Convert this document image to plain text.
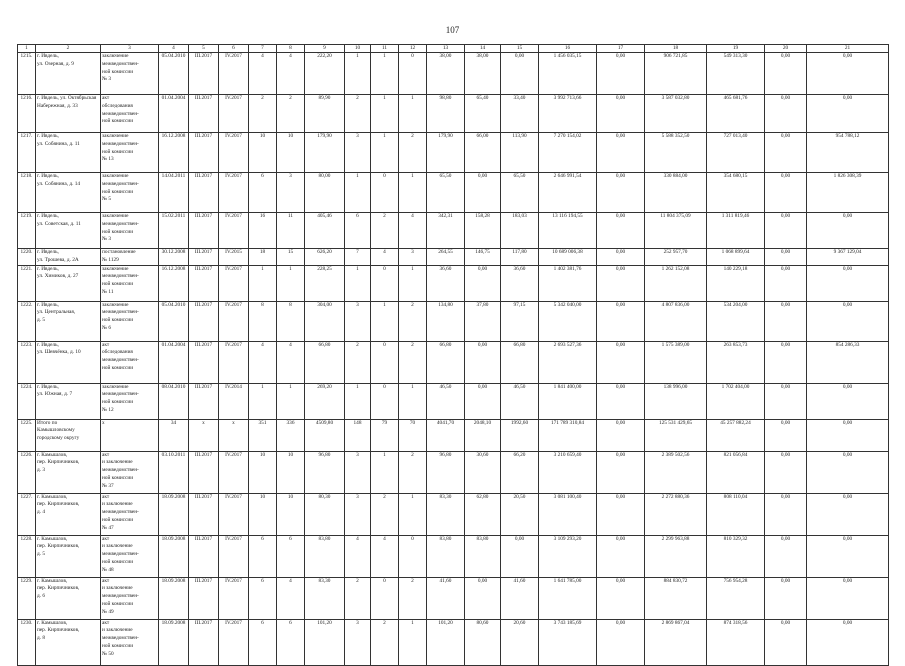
107
1	2	3	4	5	6	7	8	9	10	11	12	13	14	15	16	17	18	19	20	21
1215.	г. Ивдель,
ул. Озерная, д. 9	заключение
межведомствен-
ной комиссии
№ 3	05.04.2010	III.2017	IV.2017	4	4	222,20	1	1	0	38,00	38,00	0,00	1 456 035,15	0,00	906 721,85	549 313,30	0,00	0,00
1216.	г. Ивдель, ул. Октябрьская
Набережная, д. 33	акт
обследования
межведомствен-
ной комиссии	01.04.2004	III.2017	IV.2017	2	2	89,90	2	1	1	98,80	65,40	33,40	3 992 713,66	0,00	3 587 032,80	465 681,76	0,00	0,00
1217.	г. Ивдель,
ул. Собянина, д. 11	заключение
межведомствен-
ной комиссии
№ 13	16.12.2008	III.2017	IV.2017	10	10	179,90	3	1	2	179,90	66,00	113,90	7 270 154,02	0,00	5 588 352,50	727 013,40	0,00	954 788,12
1218.	г. Ивдель,
ул. Собянина, д. 14	заключение
межведомствен-
ной комиссии
№ 5	14.04.2011	III.2017	IV.2017	6	3	80,00	1	0	1	65,50	0,00	65,50	2 646 991,54	0,00	330 884,00	354 680,15	0,00	1 826 308,39
1219.	г. Ивдель,
ул. Советская, д. 11	заключение
межведомствен-
ной комиссии
№ 3	15.02.2011	III.2017	IV.2017	16	11	405,46	6	2	4	342,31	158,28	183,03	13 116 194,55	0,00	11 804 375,09	1 311 819,46	0,00	0,00
1220.	г. Ивдель,
ул. Трошева, д. 2А	постановление
№ 1129	30.12.2008	III.2017	IV.2015	18	15	626,20	7	4	3	264,55	146,75	117,80	10 689 006,38	0,00	252 957,70	1 068 899,64	0,00	9 367 129,04
1221.	г. Ивдель,
ул. Химиков, д. 27	заключение
межведомствен-
ной комиссии
№ 11	16.12.2008	III.2017	IV.2017	1	1	228,25	1	0	1	36,60	0,00	36,60	1 402 381,76	0,00	1 262 152,08	140 229,18	0,00	0,00
1222.	г. Ивдель,
ул. Центральная,
д. 5	заключение
межведомствен-
ной комиссии
№ 6	05.04.2010	III.2017	IV.2017	8	8	304,00	3	1	2	134,80	37,80	97,15	5 342 040,00	0,00	4 807 836,00	534 204,00	0,00	0,00
1223.	г. Ивдель,
ул. Шевчёнка, д. 10	акт
обследования
межведомствен-
ной комиссии	01.04.2004	III.2017	IV.2017	4	4	66,80	2	0	2	66,80	0,00	66,80	2 693 527,36	0,00	1 575 389,00	263 853,73	0,00	854 286,33
1224.	г. Ивдель,
ул. Южная, д. 7	заключение
межведомствен-
ной комиссии
№ 12	08.04.2010	III.2017	IV.2014	1	1	269,20	1	0	1	46,50	0,00	46,50	1 841 400,00	0,00	138 996,00	1 702 404,00	0,00	0,00
1225.	Итого по
Камышловскому
городскому округу	x	34	x	x	351	336	4509,80	148	79	70	4041,70	2048,10	1992,60	171 789 310,84	0,00	125 531 429,65	45 257 882,24	0,00	0,00
1226.	г. Камышлов,
пер. Кирпичников,
д. 3	акт
и заключение
межведомствен-
ной комиссии
№ 37	03.10.2011	III.2017	IV.2017	10	10	96,80	3	1	2	96,80	30,60	66,20	3 210 659,40	0,00	2 389 502,56	821 056,84	0,00	0,00
1227.	г. Камышлов,
пер. Кирпичников,
д. 4	акт
и заключение
межведомствен-
ной комиссии
№ 47	18.09.2008	III.2017	IV.2017	10	10	80,30	3	2	1	83,30	62,80	20,50	3 081 100,40	0,00	2 272 880,36	808 110,04	0,00	0,00
1228.	г. Камышлов,
пер. Кирпичников,
д. 5	акт
и заключение
межведомствен-
ной комиссии
№ 48	18.09.2008	III.2017	IV.2017	6	6	83,80	4	4	0	83,80	83,80	0,00	3 109 293,20	0,00	2 299 963,88	810 329,32	0,00	0,00
1229.	г. Камышлов,
пер. Кирпичников,
д. 6	акт
и заключение
межведомствен-
ной комиссии
№ 49	18.09.2008	III.2017	IV.2017	6	4	83,30	2	0	2	41,60	0,00	41,60	1 641 785,00	0,00	884 830,72	756 954,28	0,00	0,00
1230.	г. Камышлов,
пер. Кирпичников,
д. 8	акт
и заключение
межведомствен-
ной комиссии
№ 50	18.09.2008	III.2017	IV.2017	6	6	101,20	3	2	1	101,20	80,60	20,60	3 743 185,69	0,00	2 869 867,04	874 318,56	0,00	0,00
